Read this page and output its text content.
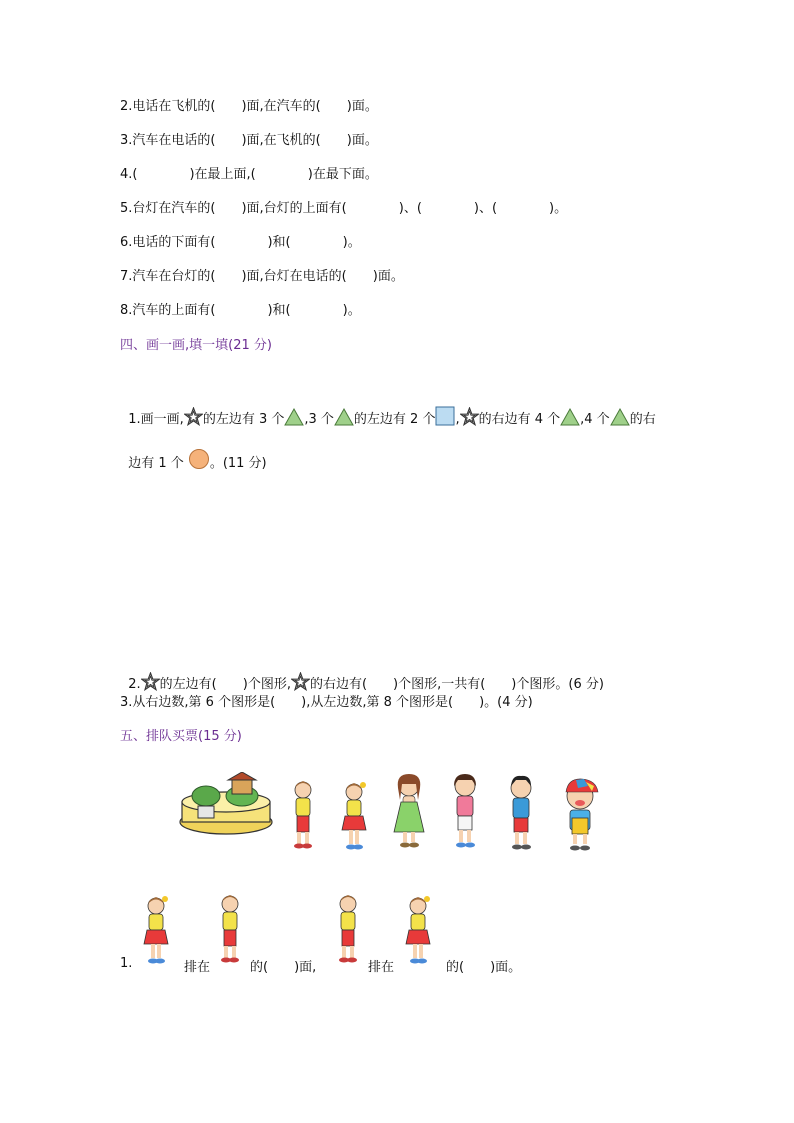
2.电话在飞机的(　　)面,在汽车的(　　)面。
3.汽车在电话的(　　)面,在飞机的(　　)面。
4.(　　　　)在最上面,(　　　　)在最下面。
5.台灯在汽车的(　　)面,台灯的上面有(　　　　)、(　　　　)、(　　　　)。
6.电话的下面有(　　　　)和(　　　　)。
7.汽车在台灯的(　　)面,台灯在电话的(　　)面。
8.汽车的上面有(　　　　)和(　　　　)。
四、画一画,填一填(21 分)

1.画一画, 的左边有 3 个 ,3 个 的左边有 2 个 , 的右边有 4 个 ,4 个 的右

边有 1 个 。(11 分)

2. 的左边有(　　)个图形, 的右边有(　　)个图形,一共有(　　)个图形。(6 分)

3.从右边数,第 6 个图形是(　　),从左边数,第 8 个图形是(　　)。(4 分)
五、排队买票(15 分)
1.	排在	的(　　)面,	排在	的(　　)面。
